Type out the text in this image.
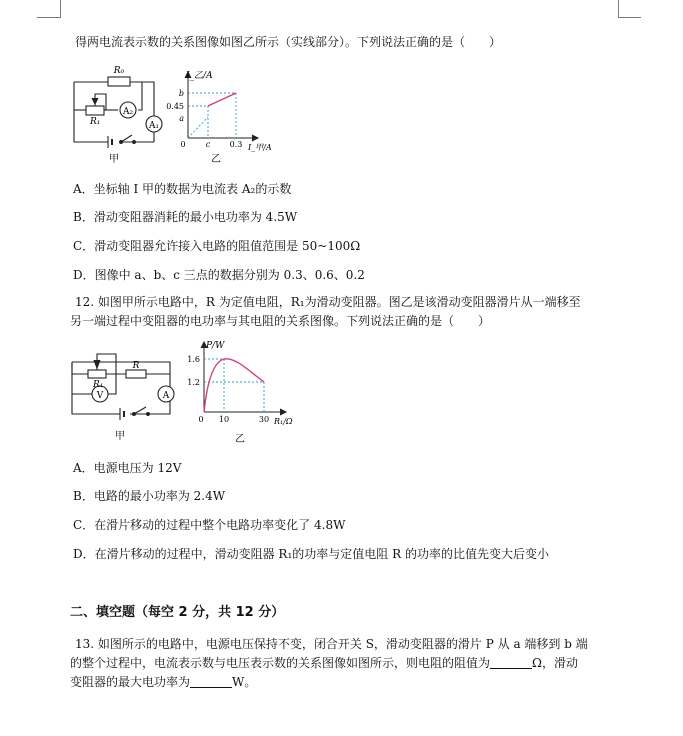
得两电流表示数的关系图像如图乙所示（实线部分）。下列说法正确的是（　　）
A₂
A₁
R₀
R₁
甲
I_乙/A
b
0.45
a
0	c 0.3 I_甲/A
乙
A．坐标轴 I 甲的数据为电流表 A₂的示数
B．滑动变阻器消耗的最小电功率为 4.5W
C．滑动变阻器允许接入电路的阻值范围是 50~100Ω
D．图像中 a、b、c 三点的数据分别为 0.3、0.6、0.2
12. 如图甲所示电路中，R 为定值电阻，R₁为滑动变阻器。图乙是该滑动变阻器滑片从一端移至
另一端过程中变阻器的电功率与其电阻的关系图像。下列说法正确的是（　　）
V	A
R₁
R
甲
P/W
1.6
1.2
0 10	30 R₁/Ω
乙
A．电源电压为 12V
B．电路的最小功率为 2.4W
C．在滑片移动的过程中整个电路功率变化了 4.8W
D．在滑片移动的过程中，滑动变阻器 R₁的功率与定值电阻 R 的功率的比值先变大后变小
二、填空题（每空 2 分，共 12 分）
13. 如图所示的电路中，电源电压保持不变，闭合开关 S，滑动变阻器的滑片 P 从 a 端移到 b 端
的整个过程中，电流表示数与电压表示数的关系图像如图所示，则电阻的阻值为	Ω，滑动
变阻器的最大电功率为	W。
